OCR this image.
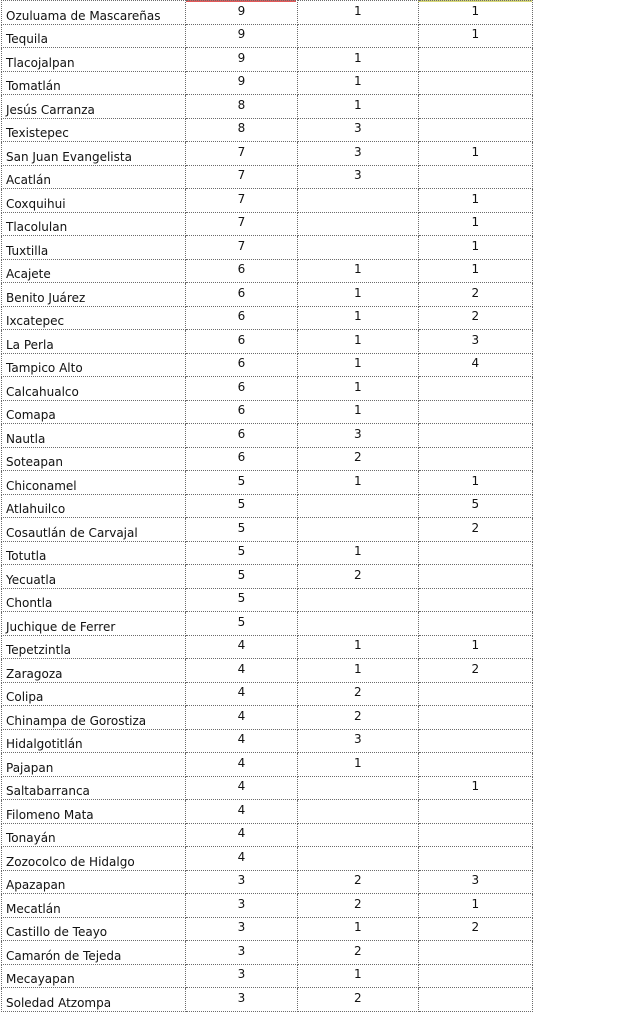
Ozuluama de Mascareñas	9	1	1
Tequila	9		1
Tlacojalpan	9	1	
Tomatlán	9	1	
Jesús Carranza	8	1	
Texistepec	8	3	
San Juan Evangelista	7	3	1
Acatlán	7	3	
Coxquihui	7		1
Tlacolulan	7		1
Tuxtilla	7		1
Acajete	6	1	1
Benito Juárez	6	1	2
Ixcatepec	6	1	2
La Perla	6	1	3
Tampico Alto	6	1	4
Calcahualco	6	1	
Comapa	6	1	
Nautla	6	3	
Soteapan	6	2	
Chiconamel	5	1	1
Atlahuilco	5		5
Cosautlán de Carvajal	5		2
Totutla	5	1	
Yecuatla	5	2	
Chontla	5		
Juchique de Ferrer	5		
Tepetzintla	4	1	1
Zaragoza	4	1	2
Colipa	4	2	
Chinampa de Gorostiza	4	2	
Hidalgotitlán	4	3	
Pajapan	4	1	
Saltabarranca	4		1
Filomeno Mata	4		
Tonayán	4		
Zozocolco de Hidalgo	4		
Apazapan	3	2	3
Mecatlán	3	2	1
Castillo de Teayo	3	1	2
Camarón de Tejeda	3	2	
Mecayapan	3	1	
Soledad Atzompa	3	2	
